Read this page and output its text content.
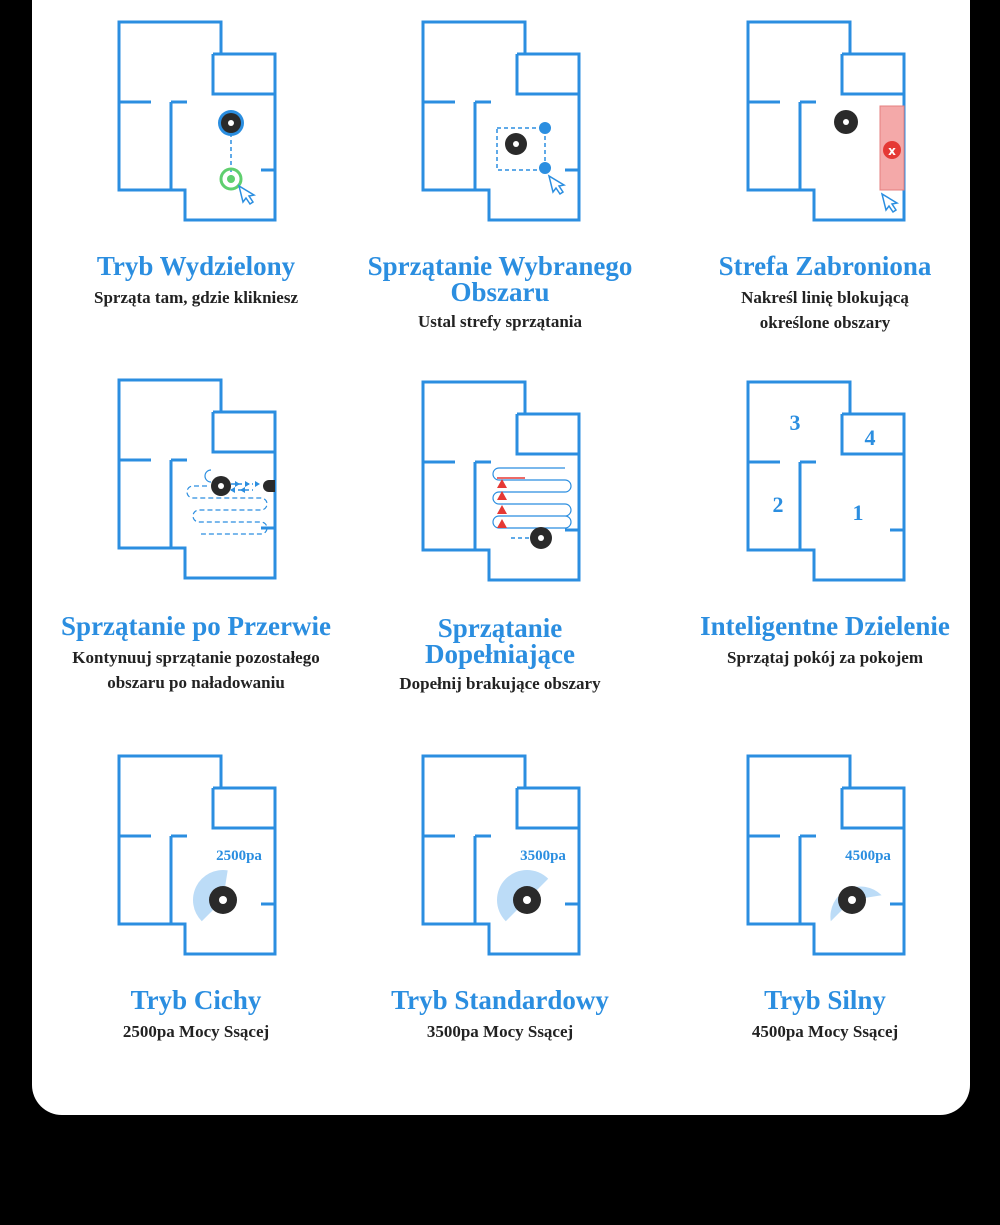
Tryb Wydzielony

Sprząta tam, gdzie klikniesz

Sprzątanie Wybranego

Obszaru

Ustal strefy sprzątania

x

Strefa Zabroniona

Nakreśl linię blokującą

określone obszary

Sprzątanie po Przerwie

Kontynuuj sprzątanie pozostałego

obszaru po naładowaniu

Sprzątanie

Dopełniające

Dopełnij brakujące obszary

3
4
2	1

Inteligentne Dzielenie

Sprzątaj pokój za pokojem

2500pa

Tryb Cichy

2500pa Mocy Ssącej

3500pa

Tryb Standardowy

3500pa Mocy Ssącej

4500pa

Tryb Silny

4500pa Mocy Ssącej
